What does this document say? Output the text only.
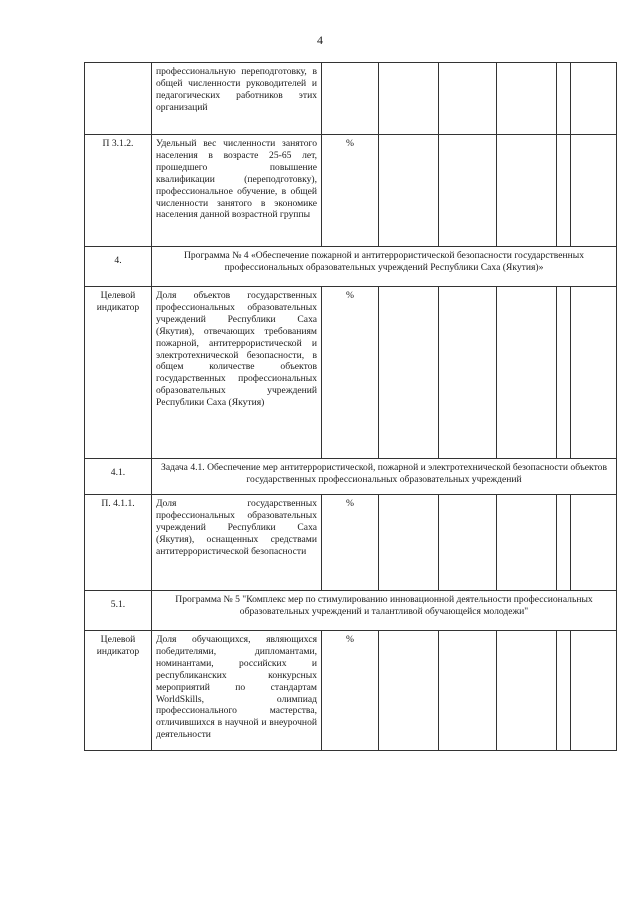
4
	профессиональную переподготовку, в общей численности руководителей и педагогических работников этих организаций						
П 3.1.2.	Удельный вес численности занятого населения в возрасте 25-65 лет, прошедшего повышение квалификации (переподготовку), профессиональное обучение, в общей численности занятого в экономике населения данной возрастной группы	%					
4.	Программа № 4 «Обеспечение пожарной и антитеррористической безопасности государственных профессиональных образовательных учреждений Республики Саха (Якутия)»						
Целевой индикатор	Доля объектов государственных профессиональных образовательных учреждений Республики Саха (Якутия), отвечающих требованиям пожарной, антитеррористической и электротехнической безопасности, в общем количестве объектов государственных профессиональных образовательных учреждений Республики Саха (Якутия)	%					
4.1.	Задача 4.1. Обеспечение мер антитеррористической, пожарной и электротехнической безопасности объектов государственных профессиональных образовательных учреждений						
П. 4.1.1.	Доля государственных профессиональных образовательных учреждений Республики Саха (Якутия), оснащенных средствами антитеррористической безопасности	%					
5.1.	Программа № 5 "Комплекс мер по стимулированию инновационной деятельности профессиональных образовательных учреждений и талантливой обучающейся молодежи"						
Целевой индикатор	Доля обучающихся, являющихся победителями, дипломантами, номинантами, российских и республиканских конкурсных мероприятий по стандартам WorldSkills, олимпиад профессионального мастерства, отличившихся в научной и внеурочной деятельности	%					
